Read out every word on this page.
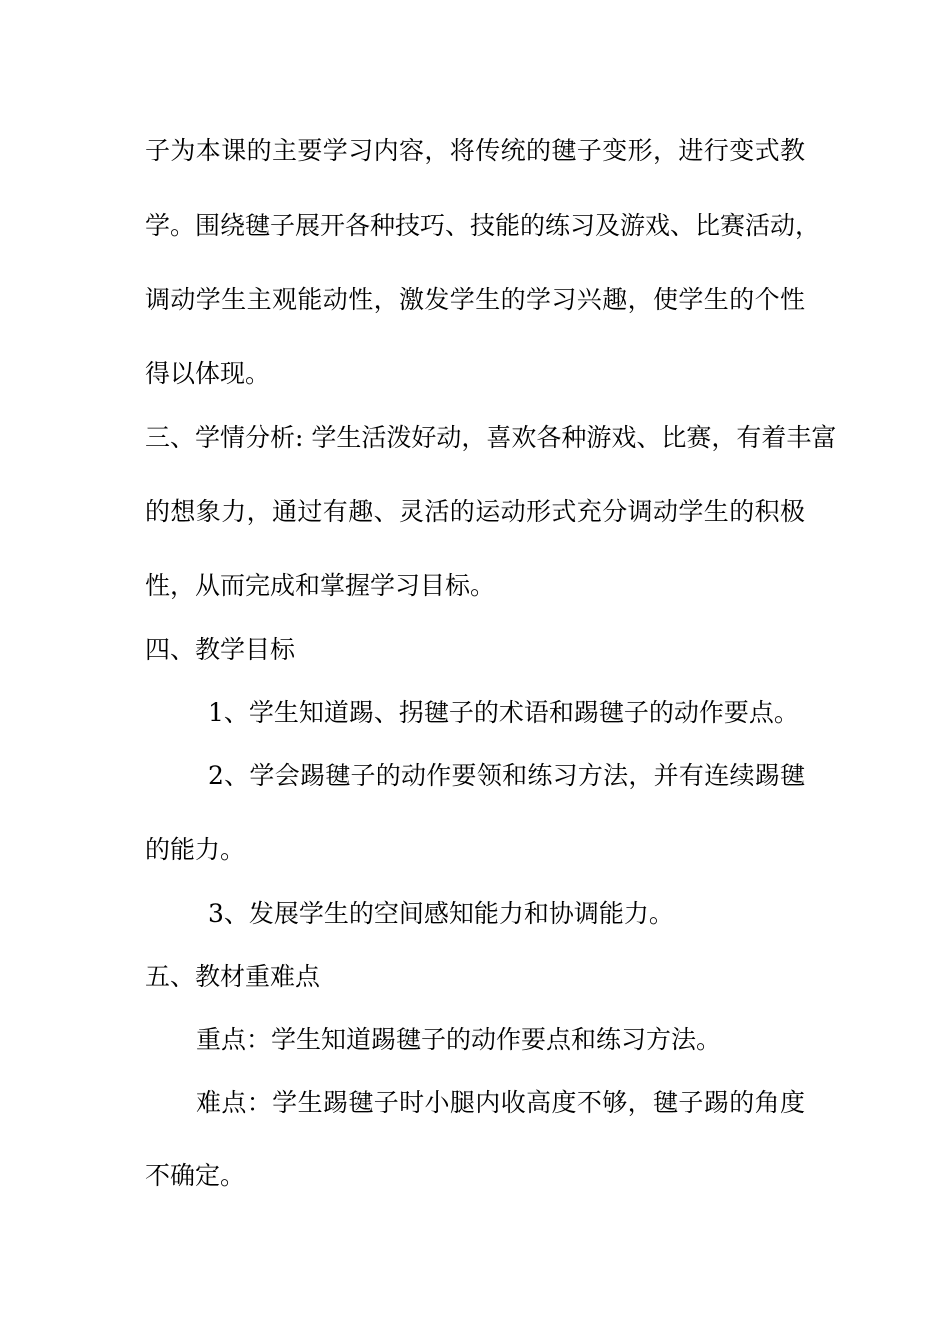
子为本课的主要学习内容，将传统的毽子变形，进行变式教

学。围绕毽子展开各种技巧、技能的练习及游戏、比赛活动，

调动学生主观能动性，激发学生的学习兴趣，使学生的个性

得以体现。

三、学情分析: 学生活泼好动，喜欢各种游戏、比赛，有着丰富

的想象力，通过有趣、灵活的运动形式充分调动学生的积极

性，从而完成和掌握学习目标。

四、教学目标

1、学生知道踢、拐毽子的术语和踢毽子的动作要点。

2、学会踢毽子的动作要领和练习方法，并有连续踢毽

的能力。

3、发展学生的空间感知能力和协调能力。

五、教材重难点

重点：学生知道踢毽子的动作要点和练习方法。

难点：学生踢毽子时小腿内收高度不够，毽子踢的角度

不确定。
